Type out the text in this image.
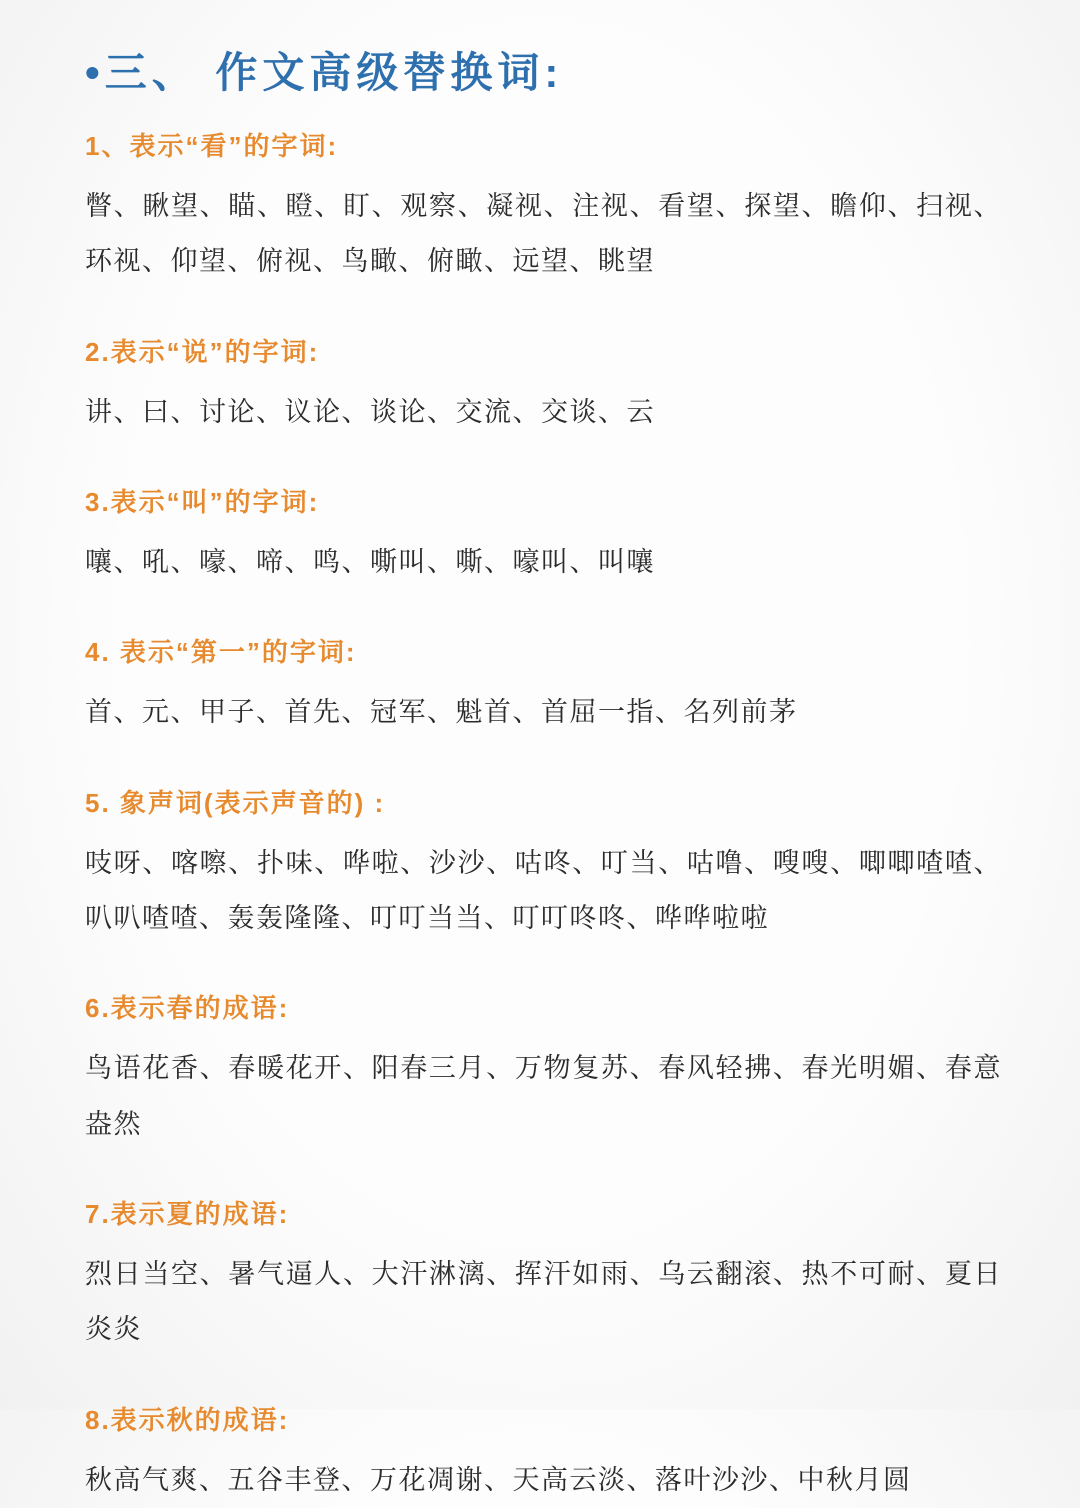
•三、 作文高级替换词:
1、表示“看”的字词:

瞥、瞅望、瞄、瞪、盯、观察、凝视、注视、看望、探望、瞻仰、扫视、环视、仰望、俯视、鸟瞰、俯瞰、远望、眺望

2.表示“说”的字词:

讲、曰、讨论、议论、谈论、交流、交谈、云

3.表示“叫”的字词:

嚷、吼、嚎、啼、鸣、嘶叫、嘶、嚎叫、叫嚷

4. 表示“第一”的字词:

首、元、甲子、首先、冠军、魁首、首屈一指、名列前茅

5. 象声词(表示声音的) :

吱呀、喀嚓、扑味、哗啦、沙沙、咕咚、叮当、咕噜、嗖嗖、唧唧喳喳、叭叭喳喳、轰轰隆隆、叮叮当当、叮叮咚咚、哗哗啦啦

6.表示春的成语:

鸟语花香、春暖花开、阳春三月、万物复苏、春风轻拂、春光明媚、春意盎然

7.表示夏的成语:

烈日当空、暑气逼人、大汗淋漓、挥汗如雨、乌云翻滚、热不可耐、夏日炎炎

8.表示秋的成语:

秋高气爽、五谷丰登、万花凋谢、天高云淡、落叶沙沙、中秋月圆
